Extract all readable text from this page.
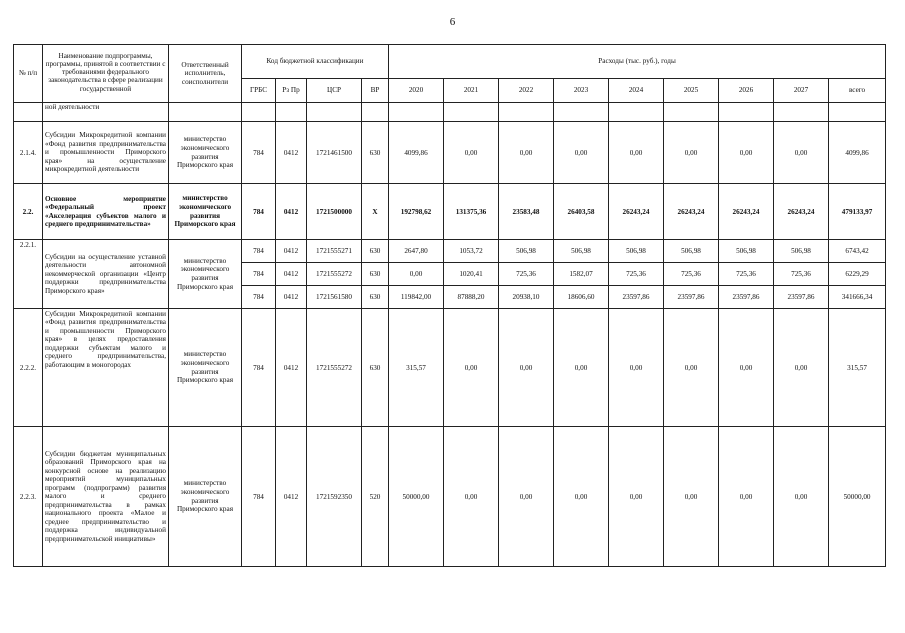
6
№ п/п	Наименование подпрограммы, программы, принятой в соответствии с требованиями федерального законодательства в сфере реализации государственной	Ответственный исполнитель, соисполнители	Код бюджетной классификации				Расходы (тыс. руб.), годы								
			ГРБС	Рз Пр	ЦСР	ВР	2020	2021	2022	2023	2024	2025	2026	2027	всего
	ной деятельности														
2.1.4.	Субсидии Микрокредитной компании «Фонд развития предпринимательства и промышленности Приморского края» на осуществление микрокредитной деятельности	министерство экономического развития Приморского края	784	0412	1721461500	630	4099,86	0,00	0,00	0,00	0,00	0,00	0,00	0,00	4099,86
2.2.	Основное мероприятие «Федеральный проект «Акселерация субъектов малого и среднего предпринимательства»	министерство экономического развития Приморского края	784	0412	1721500000	Х	192798,62	131375,36	23583,48	26403,58	26243,24	26243,24	26243,24	26243,24	479133,97
2.2.1.	Субсидии на осуществление уставной деятельности автономной некоммерческой организации «Центр поддержки предпринимательства Приморского края»	министерство экономического развития Приморского края	784	0412	1721555271	630	2647,80	1053,72	506,98	506,98	506,98	506,98	506,98	506,98	6743,42
			784	0412	1721555272	630	0,00	1020,41	725,36	1582,07	725,36	725,36	725,36	725,36	6229,29
			784	0412	1721561580	630	119842,00	87888,20	20938,10	18606,60	23597,86	23597,86	23597,86	23597,86	341666,34
2.2.2.	Субсидии Микрокредитной компании «Фонд развития предпринимательства и промышленности Приморского края» в целях предоставления поддержки субъектам малого и среднего предпринимательства, работающим в моногородах	министерство экономического развития Приморского края	784	0412	1721555272	630	315,57	0,00	0,00	0,00	0,00	0,00	0,00	0,00	315,57
2.2.3.	Субсидии бюджетам муниципальных образований Приморского края на конкурсной основе на реализацию мероприятий муниципальных программ (подпрограмм) развития малого и среднего предпринимательства в рамках национального проекта «Малое и среднее предпринимательство и поддержка индивидуальной предпринимательской инициативы»	министерство экономического развития Приморского края	784	0412	1721592350	520	50000,00	0,00	0,00	0,00	0,00	0,00	0,00	0,00	50000,00
